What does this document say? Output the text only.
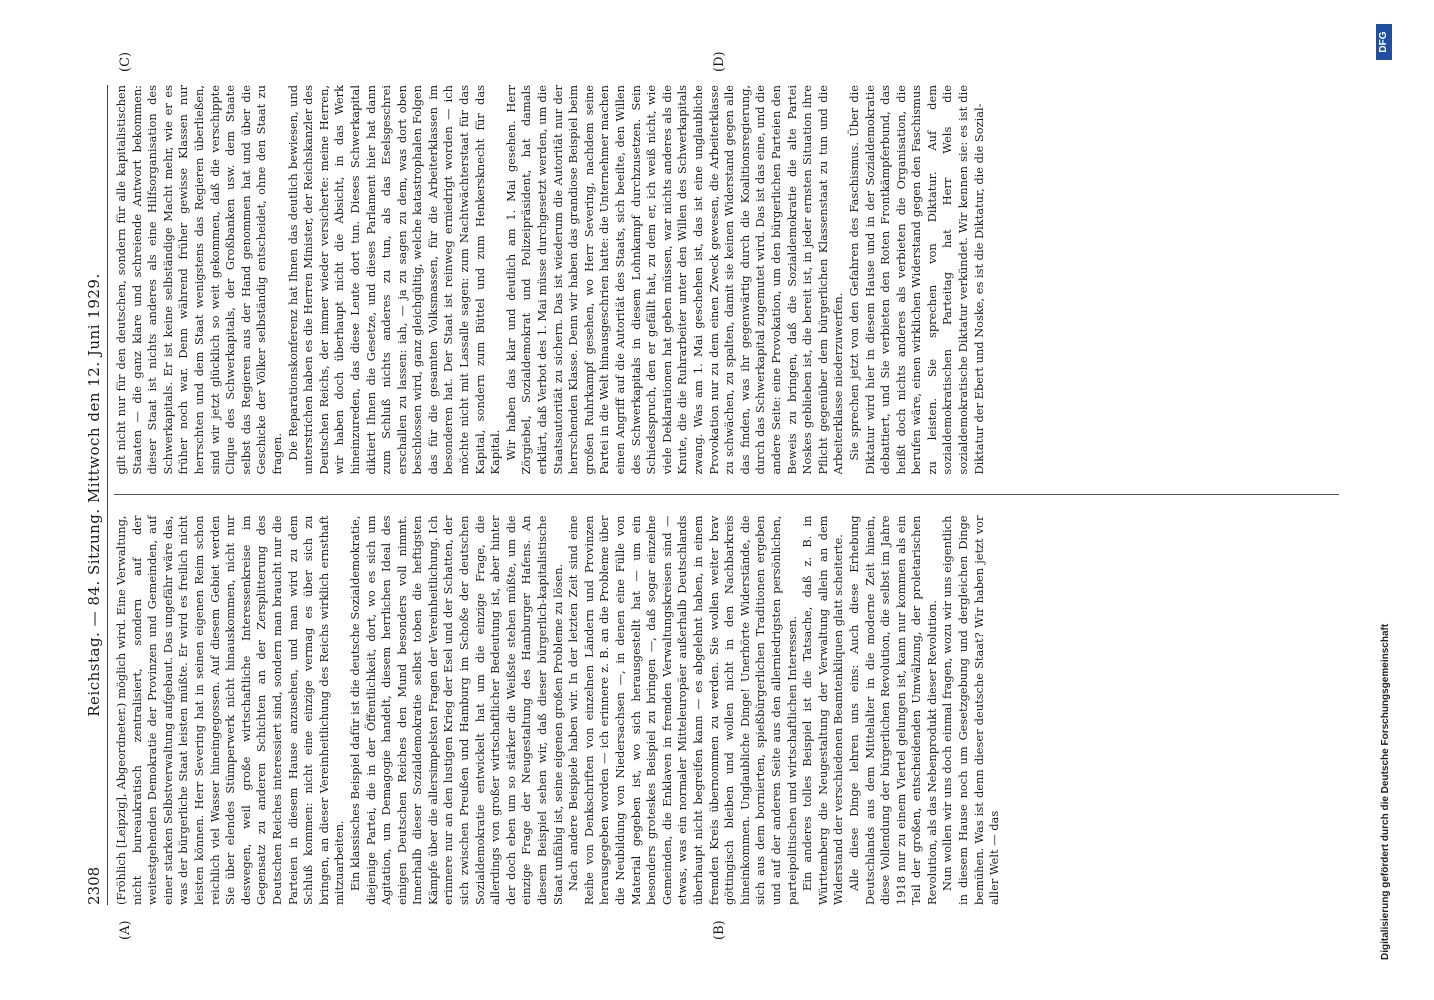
2308
Reichstag. — 84. Sitzung. Mittwoch den 12. Juni 1929. (Fröhlich [Leipzig], Abgeordneter.) möglich wird. Eine Verwaltung, nicht bureaukratisch zentralisiert, sondern auf der weitestgehenden Demokratie der Provinzen und Gemeinden, auf einer starken Selbstverwaltung aufgebaut. Das ungefähr wäre das, was der bürgerliche Staat leisten müßte. Er wird es freilich nicht leisten können. Herr Severing hat in seinen eigenen Reim schon reichlich viel Wasser hineingegossen. Auf diesem Gebiet werden Sie über elendes Stümperwerk nicht hinauskommen, nicht nur deswegen, weil große wirtschaftliche Interessenkreise im Gegensatz zu anderen Schichten an der Zersplitterung des Deutschen Reiches interessiert sind, sondern man braucht nur die Parteien in diesem Hause anzusehen, und man wird zu dem Schluß kommen: nicht eine einzige vermag es über sich zu bringen, an dieser Vereinheitlichung des Reichs wirklich ernsthaft mitzuarbeiten. Ein klassisches Beispiel dafür ist die deutsche Sozialdemokratie, diejenige Partei, die in der Öffentlichkeit, dort, wo es sich um Agitation, um Demagogie handelt, diesem herrlichen Ideal des einigen Deutschen Reiches den Mund besonders voll nimmt. Innerhalb dieser Sozialdemokratie selbst toben die heftigsten Kämpfe über die allersimpelsten Fragen der Vereinheitlichung. Ich erinnere nur an den lustigen Krieg der Esel und der Schatten, der sich zwischen Preußen und Hamburg im Schoße der deutschen Sozialdemokratie entwickelt hat um die einzige Frage, die allerdings von großer wirtschaftlicher Bedeutung ist, aber hinter der doch eben um so stärker die Weißste stehen müßte, um die einzige Frage der Neugestaltung des Hamburger Hafens. An diesem Beispiel sehen wir, daß dieser bürgerlich-kapitalistische Staat unfähig ist, seine eigenen großen Probleme zu lösen. Nach andere Beispiele haben wir. In der letzten Zeit sind eine Reihe von Denkschriften von einzelnen Ländern und Provinzen herausgegeben worden — ich erinnere z. B. an die Probleme über die Neubildung von Niedersachsen —, in denen eine Fülle von Material gegeben ist, wo sich herausgestellt hat — um ein besonders groteskes Beispiel zu bringen —, daß sogar einzelne Gemeinden, die Enklaven in fremden Verwaltungskreisen sind — etwas, was ein normaler Mitteleuropäer außerhalb Deutschlands überhaupt nicht begreifen kann — es abgelehnt haben, in einem fremden Kreis übernommen zu werden. Sie wollen weiter brav göttingisch bleiben und wollen nicht in den Nachbarkreis hineinkommen. Unglaubliche Dinge! Unerhörte Widerstände, die sich aus dem bornierten, spießbürgerlichen Traditionen ergeben und auf der anderen Seite aus den allerniedrigsten persönlichen, parteipolitischen und wirtschaftlichen Interessen. Ein anderes tolles Beispiel ist die Tatsache, daß z. B. in Württemberg die Neugestaltung der Verwaltung allein an dem Widerstand der verschiedenen Beamtenkliquen glatt scheiterte. Alle diese Dinge lehren uns eins: Auch diese Erhebung Deutschlands aus dem Mittelalter in die moderne Zeit hinein, diese Vollendung der bürgerlichen Revolution, die selbst im Jahre 1918 nur zu einem Viertel gelungen ist, kann nur kommen als ein Teil der großen, entscheidenden Umwälzung, der proletarischen Revolution, als das Nebenprodukt dieser Revolution. Nun wollen wir uns doch einmal fragen, wozu wir uns eigentlich in diesem Hause noch um Gesetzgebung und dergleichen Dinge bemühen. Was ist denn dieser deutsche Staat? Wir haben jetzt vor aller Welt — das

gilt nicht nur für den deutschen, sondern für alle kapitalistischen Staaten — die ganz klare und schreiende Antwort bekommen: dieser Staat ist nichts anderes als eine Hilfsorganisation des Schwerkapitals. Er ist keine selbständige Macht mehr, wie er es früher noch war. Denn während früher gewisse Klassen nur herrschten und dem Staat wenigstens das Regieren überließen, sind wir jetzt glücklich so weit gekommen, daß die verschippte Clique des Schwerkapitals, der Großbanken usw. dem Staate selbst das Regieren aus der Hand genommen hat und über die Geschicke der Völker selbständig entscheidet, ohne den Staat zu fragen. Die Reparationskonferenz hat Ihnen das deutlich bewiesen, und unterstrichen haben es die Herren Minister, der Reichskanzler des Deutschen Reichs, der immer wieder versicherte: meine Herren, wir haben doch überhaupt nicht die Absicht, in das Werk hineinzureden, das diese Leute dort tun. Dieses Schwerkapital diktiert Ihnen die Gesetze, und dieses Parlament hier hat dann zum Schluß nichts anderes zu tun, als das Eselsgeschrei erschallen zu lassen: iah, — ja zu sagen zu dem, was dort oben beschlossen wird, ganz gleichgültig, welche katastrophalen Folgen das für die gesamten Volksmassen, für die Arbeiterklassen im besonderen hat. Der Staat ist reinweg erniedrigt worden — ich möchte nicht mit Lassalle sagen: zum Nachtwächterstaat für das Kapital, sondern zum Büttel und zum Henkersknecht für das Kapital. Wir haben das klar und deutlich am 1. Mai gesehen. Herr Zörgiebel, Sozialdemokrat und Polizeipräsident, hat damals erklärt, daß Verbot des 1. Mai müsse durchgesetzt werden, um die Staatsautorität zu sichern. Das ist wiederum die Autorität nur der herrschenden Klasse. Denn wir haben das grandiose Beispiel beim großen Ruhrkampf gesehen, wo Herr Severing, nachdem seine Partei in die Welt hinausgeschrien hatte: die Unternehmer machen einen Angriff auf die Autorität des Staats, sich beeilte, den Willen des Schwerkapitals in diesem Lohnkampf durchzusetzen. Sein Schiedsspruch, den er gefällt hat, zu dem er, ich weiß nicht, wie viele Deklarationen hat geben müssen, war nichts anderes als die Knute, die die Ruhrarbeiter unter den Willen des Schwerkapitals zwang. Was am 1. Mai geschehen ist, das ist eine unglaubliche Provokation nur zu dem einen Zweck gewesen, die Arbeiterklasse zu schwächen, zu spalten, damit sie keinen Widerstand gegen alle das finden, was ihr gegenwärtig durch die Koalitionsregierung, durch das Schwerkapital zugemutet wird. Das ist das eine, und die andere Seite: eine Provokation, um den bürgerlichen Parteien den Beweis zu bringen, daß die Sozialdemokratie die alte Partei Noskes geblieben ist, die bereit ist, in jeder ernsten Situation ihre Pflicht gegenüber dem bürgerlichen Klassenstaat zu tun und die Arbeiterklasse niederzuwerfen. Sie sprechen jetzt von den Gefahren des Faschismus. Über die Diktatur wird hier in diesem Hause und in der Sozialdemokratie debattiert, und Sie verbieten den Roten Frontkämpferbund, das heißt doch nichts anderes als verbieten die Organisation, die berufen wäre, einen wirklichen Widerstand gegen den Faschismus zu leisten. Sie sprechen von Diktatur. Auf dem sozialdemokratischen Parteitag hat Herr Wels die sozialdemokratische Diktatur verkündet. Wir kennen sie: es ist die Diktatur der Ebert und Noske, es ist die Diktatur, die die Sozial-

(A)	(B)
(C)	(D)
Digitalisierung gefördert durch die Deutsche Forschungsgemeinschaft
DFG
